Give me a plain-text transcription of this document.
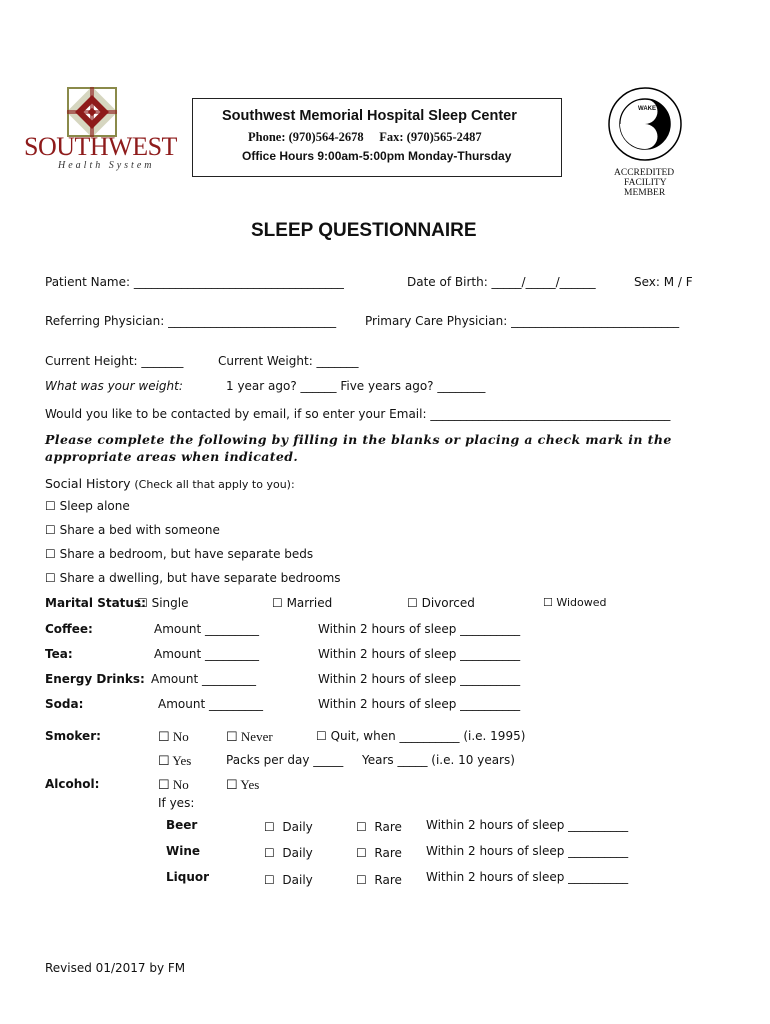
SOUTHWEST
Health System
Southwest Memorial Hospital Sleep Center
Phone: (970)564-2678     Fax: (970)565-2487
Office Hours 9:00am-5:00pm Monday-Thursday
WAKE
SLEEP
ACCREDITED
FACILITY
MEMBER
SLEEP QUESTIONNAIRE
Patient Name: ___________________________________	Date of Birth: _____/_____/______	Sex: M / F
Referring Physician: ____________________________ Primary Care Physician: ____________________________
Current Height: _______	Current Weight: _______
What was your weight:	1 year ago? ______ Five years ago? ________
Would you like to be contacted by email, if so enter your Email: ________________________________________
Please complete the following by filling in the blanks or placing a check mark in the
appropriate areas when indicated.
Social History (Check all that apply to you):
☐ Sleep alone
☐ Share a bed with someone
☐ Share a bedroom, but have separate beds
☐ Share a dwelling, but have separate bedrooms
Marital Status:
☐ Single	☐ Married	☐ Divorced	☐ Widowed
Coffee:	Amount _________	Within 2 hours of sleep __________
Tea:	Amount _________	Within 2 hours of sleep __________
Energy Drinks: Amount _________	Within 2 hours of sleep __________
Soda:	Amount _________	Within 2 hours of sleep __________
Smoker:	☐ No	☐ Never	☐ Quit, when __________ (i.e. 1995)
☐ Yes	Packs per day _____ Years _____ (i.e. 10 years)
Alcohol:	☐ No	☐ Yes
If yes:
Beer	☐  Daily	☐  Rare Within 2 hours of sleep __________
Wine	☐  Daily	☐  Rare Within 2 hours of sleep __________
Liquor	☐  Daily	☐  Rare Within 2 hours of sleep __________
Revised 01/2017 by FM
